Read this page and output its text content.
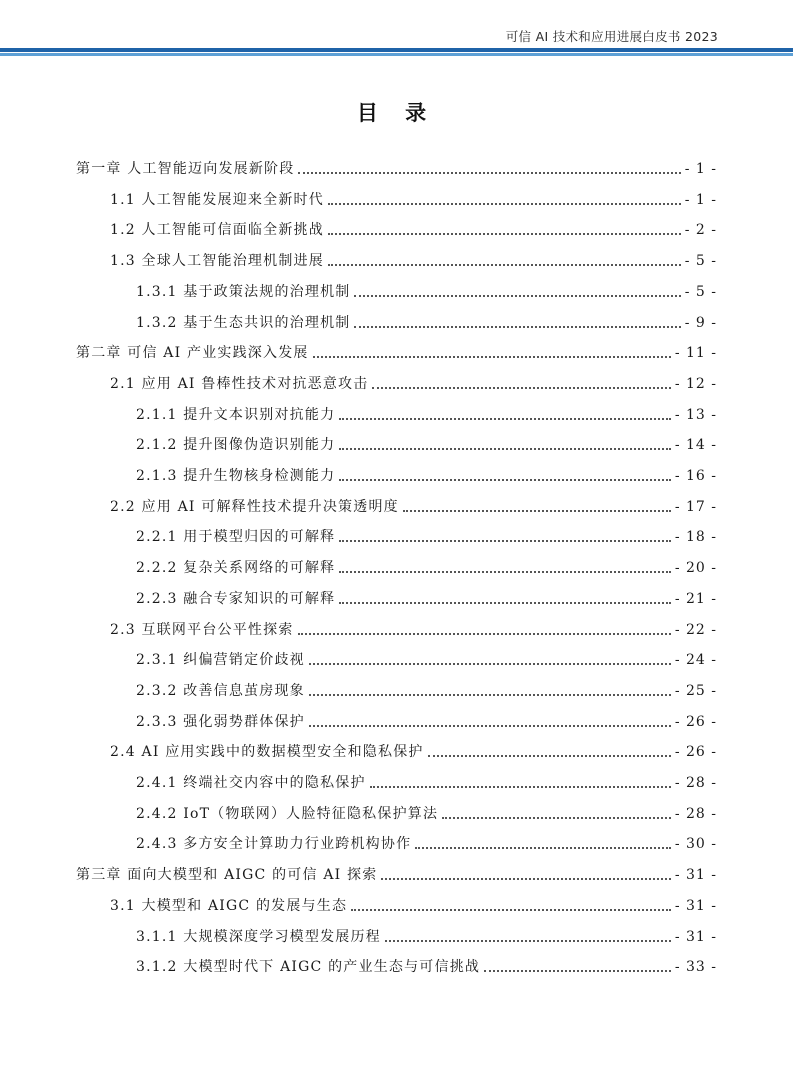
可信 AI 技术和应用进展白皮书 2023
目 录
第一章 人工智能迈向发展新阶段	- 1 -
1.1 人工智能发展迎来全新时代	- 1 -
1.2 人工智能可信面临全新挑战	- 2 -
1.3 全球人工智能治理机制进展	- 5 -
1.3.1 基于政策法规的治理机制	- 5 -
1.3.2 基于生态共识的治理机制	- 9 -
第二章 可信 AI 产业实践深入发展	- 11 -
2.1 应用 AI 鲁棒性技术对抗恶意攻击	- 12 -
2.1.1 提升文本识别对抗能力	- 13 -
2.1.2 提升图像伪造识别能力	- 14 -
2.1.3 提升生物核身检测能力	- 16 -
2.2 应用 AI 可解释性技术提升决策透明度	- 17 -
2.2.1 用于模型归因的可解释	- 18 -
2.2.2 复杂关系网络的可解释	- 20 -
2.2.3 融合专家知识的可解释	- 21 -
2.3 互联网平台公平性探索	- 22 -
2.3.1 纠偏营销定价歧视	- 24 -
2.3.2 改善信息茧房现象	- 25 -
2.3.3 强化弱势群体保护	- 26 -
2.4 AI 应用实践中的数据模型安全和隐私保护	- 26 -
2.4.1 终端社交内容中的隐私保护	- 28 -
2.4.2 IoT（物联网）人脸特征隐私保护算法	- 28 -
2.4.3 多方安全计算助力行业跨机构协作	- 30 -
第三章 面向大模型和 AIGC 的可信 AI 探索	- 31 -
3.1 大模型和 AIGC 的发展与生态	- 31 -
3.1.1 大规模深度学习模型发展历程	- 31 -
3.1.2 大模型时代下 AIGC 的产业生态与可信挑战	- 33 -
